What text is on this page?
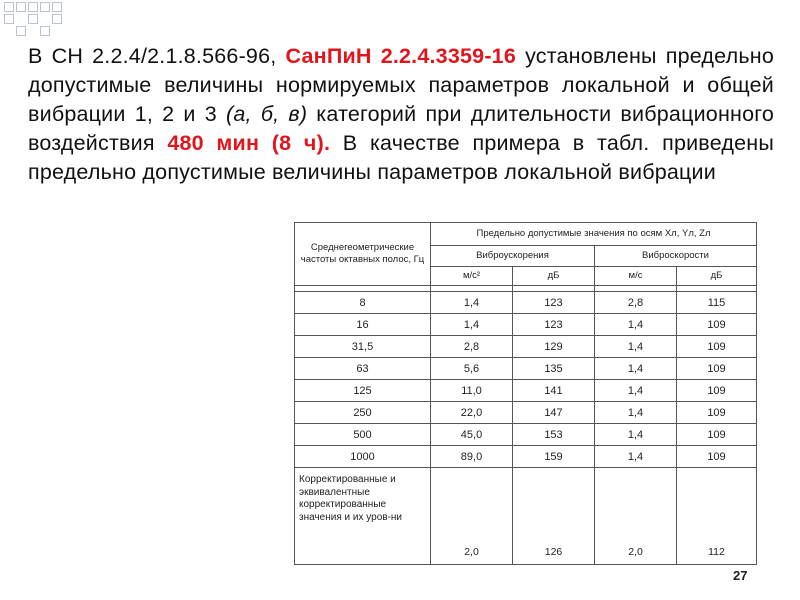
В СН 2.2.4/2.1.8.566-96, СанПиН 2.2.4.3359-16 установлены предельно допустимые величины нормируемых параметров локальной и общей вибрации 1, 2 и 3 (а, б, в) категорий при длительности вибрационного воздействия 480 мин (8 ч). В качестве примера в табл. приведены предельно допустимые величины параметров локальной вибрации
Среднегеометрические частоты октавных полос, Гц	Предельно допустимые значения по осям Xл, Yл, Zл			
	Виброускорения		Виброскорости	
	м/с²	дБ	м/с	дБ

8	1,4	123	2,8	115
16	1,4	123	1,4	109
31,5	2,8	129	1,4	109
63	5,6	135	1,4	109
125	11,0	141	1,4	109
250	22,0	147	1,4	109
500	45,0	153	1,4	109
1000	89,0	159	1,4	109
Корректированные и эквивалентные корректированные значения и их уров-ни	2,0	126	2,0	112
27
